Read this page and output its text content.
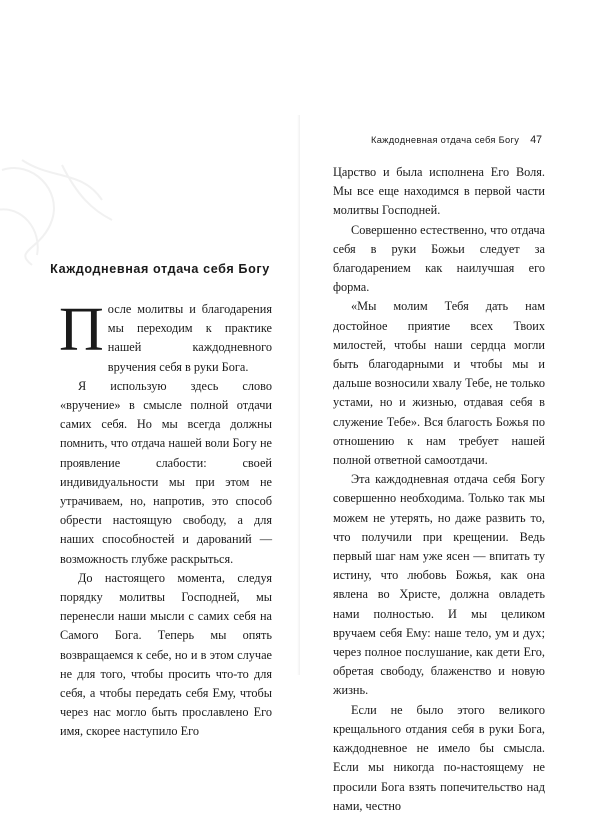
Каждодневная отдача себя Богу

После молитвы и благодарения мы переходим к практике нашей каждодневного вручения себя в руки Бога.

Я использую здесь слово «вручение» в смысле полной отдачи самих себя. Но мы всегда должны помнить, что отдача нашей воли Богу не проявление слабости: своей индивидуальности мы при этом не утрачиваем, но, напротив, это способ обрести настоящую свободу, а для наших способностей и дарований — возможность глубже раскрыться.

До настоящего момента, следуя порядку молитвы Господней, мы перенесли наши мысли с самих себя на Самого Бога. Теперь мы опять возвращаемся к себе, но и в этом случае не для того, чтобы просить что-то для себя, а чтобы передать себя Ему, чтобы через нас могло быть прославлено Его имя, скорее наступило Его

Каждодневная отдача себя Богу 47

Царство и была исполнена Его Воля. Мы все еще находимся в первой части молитвы Господней.

Совершенно естественно, что отдача себя в руки Божьи следует за благодарением как наилучшая его форма.

«Мы молим Тебя дать нам достойное приятие всех Твоих милостей, чтобы наши сердца могли быть благодарными и чтобы мы и дальше возносили хвалу Тебе, не только устами, но и жизнью, отдавая себя в служение Тебе». Вся благость Божья по отношению к нам требует нашей полной ответной самоотдачи.

Эта каждодневная отдача себя Богу совершенно необходима. Только так мы можем не утерять, но даже развить то, что получили при крещении. Ведь первый шаг нам уже ясен — впитать ту истину, что любовь Божья, как она явлена во Христе, должна овладеть нами полностью. И мы целиком вручаем себя Ему: наше тело, ум и дух; через полное послушание, как дети Его, обретая свободу, блаженство и новую жизнь.

Если не было этого великого крещального отдания себя в руки Бога, каждодневное не имело бы смысла. Если мы никогда по-настоящему не просили Бога взять попечительство над нами, честно
